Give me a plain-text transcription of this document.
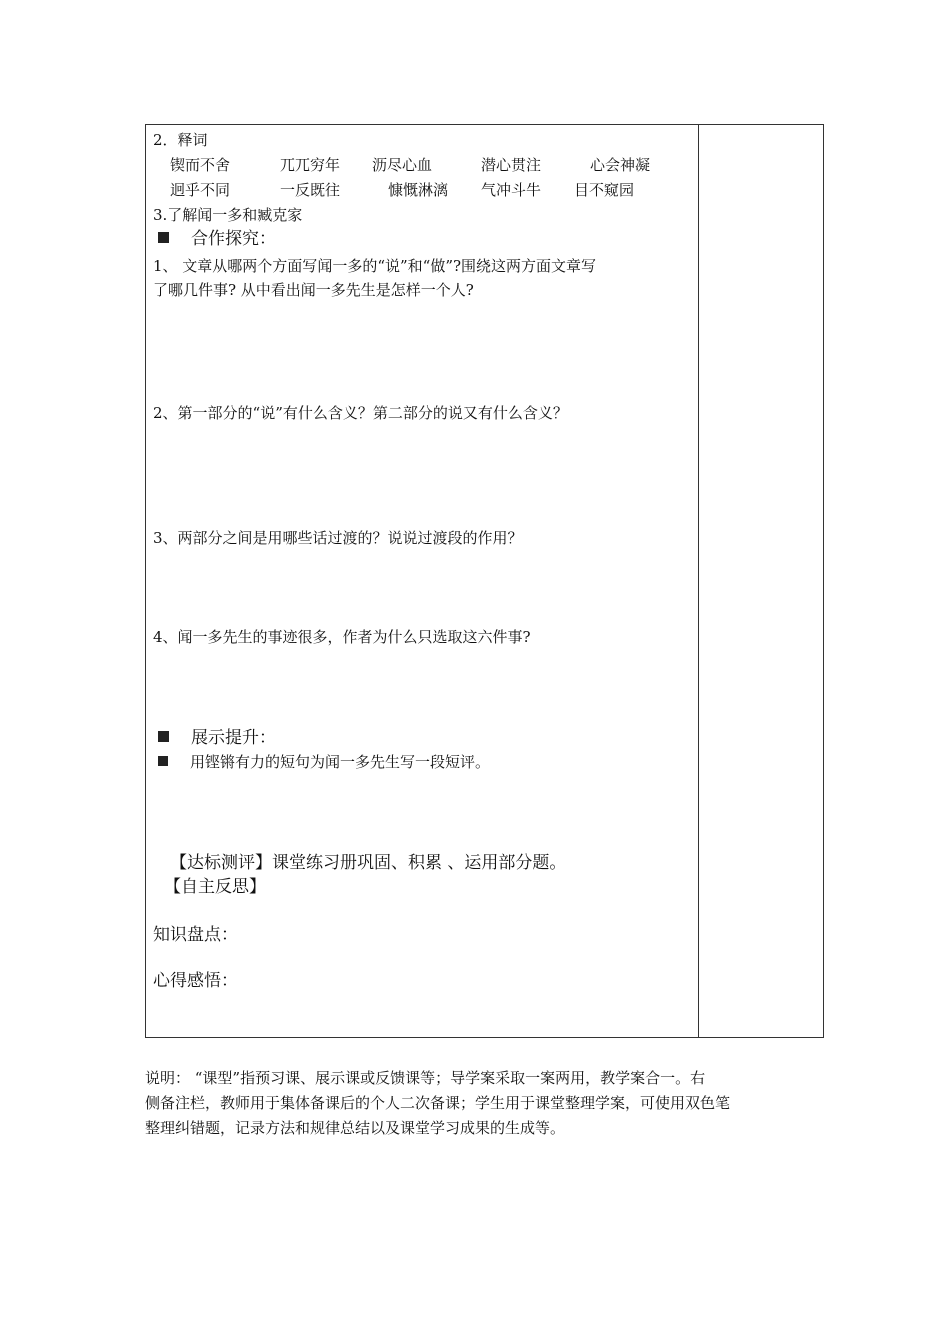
2．释词
锲而不舍	兀兀穷年 沥尽心血	潜心贯注	心会神凝
迥乎不同	一反既往	慷慨淋漓 气冲斗牛 目不窥园
3.了解闻一多和臧克家
合作探究：
1、 文章从哪两个方面写闻一多的“说”和“做”?围绕这两方面文章写
了哪几件事? 从中看出闻一多先生是怎样一个人?
2、第一部分的“说”有什么含义？第二部分的说又有什么含义？
3、两部分之间是用哪些话过渡的？说说过渡段的作用？
4、闻一多先生的事迹很多，作者为什么只选取这六件事?
展示提升：
用铿锵有力的短句为闻一多先生写一段短评。
【达标测评】课堂练习册巩固、积累 、运用部分题。
【自主反思】
知识盘点：
心得感悟：
说明： “课型”指预习课、展示课或反馈课等；导学案采取一案两用，教学案合一。右
侧备注栏，教师用于集体备课后的个人二次备课；学生用于课堂整理学案，可使用双色笔
整理纠错题，记录方法和规律总结以及课堂学习成果的生成等。
